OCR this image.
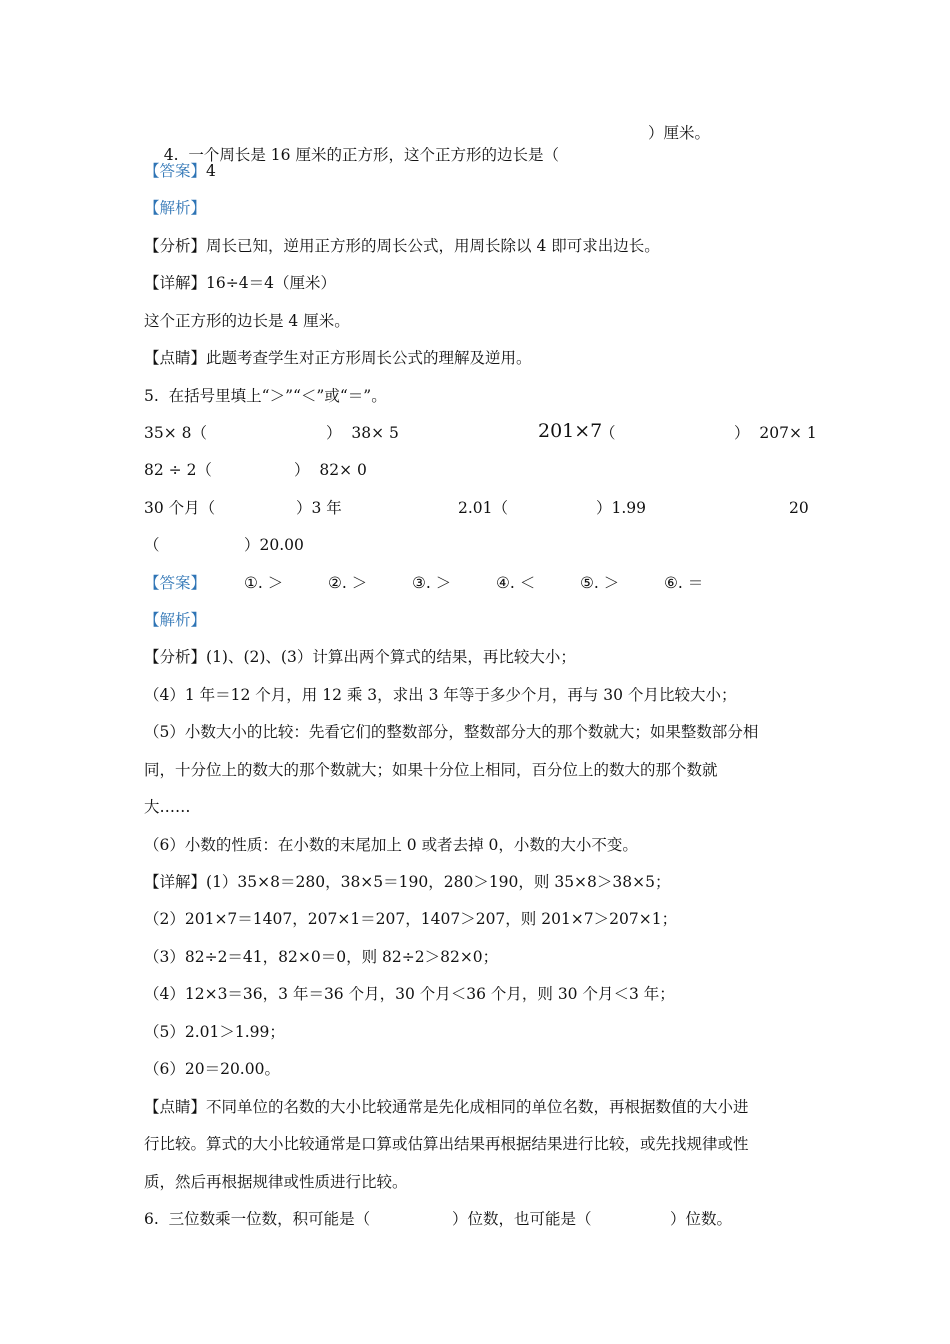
4.  一个周长是 16 厘米的正方形，这个正方形的边长是（

）厘米。
【答案】4
【解析】
【分析】周长已知，逆用正方形的周长公式，用周长除以 4 即可求出边长。
【详解】16÷4＝4（厘米）
这个正方形的边长是 4 厘米。
【点睛】此题考查学生对正方形周长公式的理解及逆用。
5.  在括号里填上“＞”“＜”或“＝”。
35× 8（	）  38× 5	201×7
（	）  207× 1
82 ÷ 2（	）  82× 0
30 个月（	）3 年	2.01（	）1.99	20
（	）20.00
【答案】 ①. ＞	②. ＞	③. ＞	④. ＜	⑤. ＞	⑥. ＝
【解析】
【分析】(1)、(2)、(3）计算出两个算式的结果，再比较大小；
（4）1 年＝12 个月，用 12 乘 3，求出 3 年等于多少个月，再与 30 个月比较大小；
（5）小数大小的比较：先看它们的整数部分，整数部分大的那个数就大；如果整数部分相
同，十分位上的数大的那个数就大；如果十分位上相同，百分位上的数大的那个数就
大……
（6）小数的性质：在小数的末尾加上 0 或者去掉 0，小数的大小不变。
【详解】(1）35×8＝280，38×5＝190，280＞190，则 35×8＞38×5；
（2）201×7＝1407，207×1＝207，1407＞207，则 201×7＞207×1；
（3）82÷2＝41，82×0＝0，则 82÷2＞82×0；
（4）12×3＝36，3 年＝36 个月，30 个月＜36 个月，则 30 个月＜3 年；
（5）2.01＞1.99；
（6）20＝20.00。
【点睛】不同单位的名数的大小比较通常是先化成相同的单位名数，再根据数值的大小进
行比较。算式的大小比较通常是口算或估算出结果再根据结果进行比较，或先找规律或性
质，然后再根据规律或性质进行比较。
6.  三位数乘一位数，积可能是（	）位数，也可能是（	）位数。
